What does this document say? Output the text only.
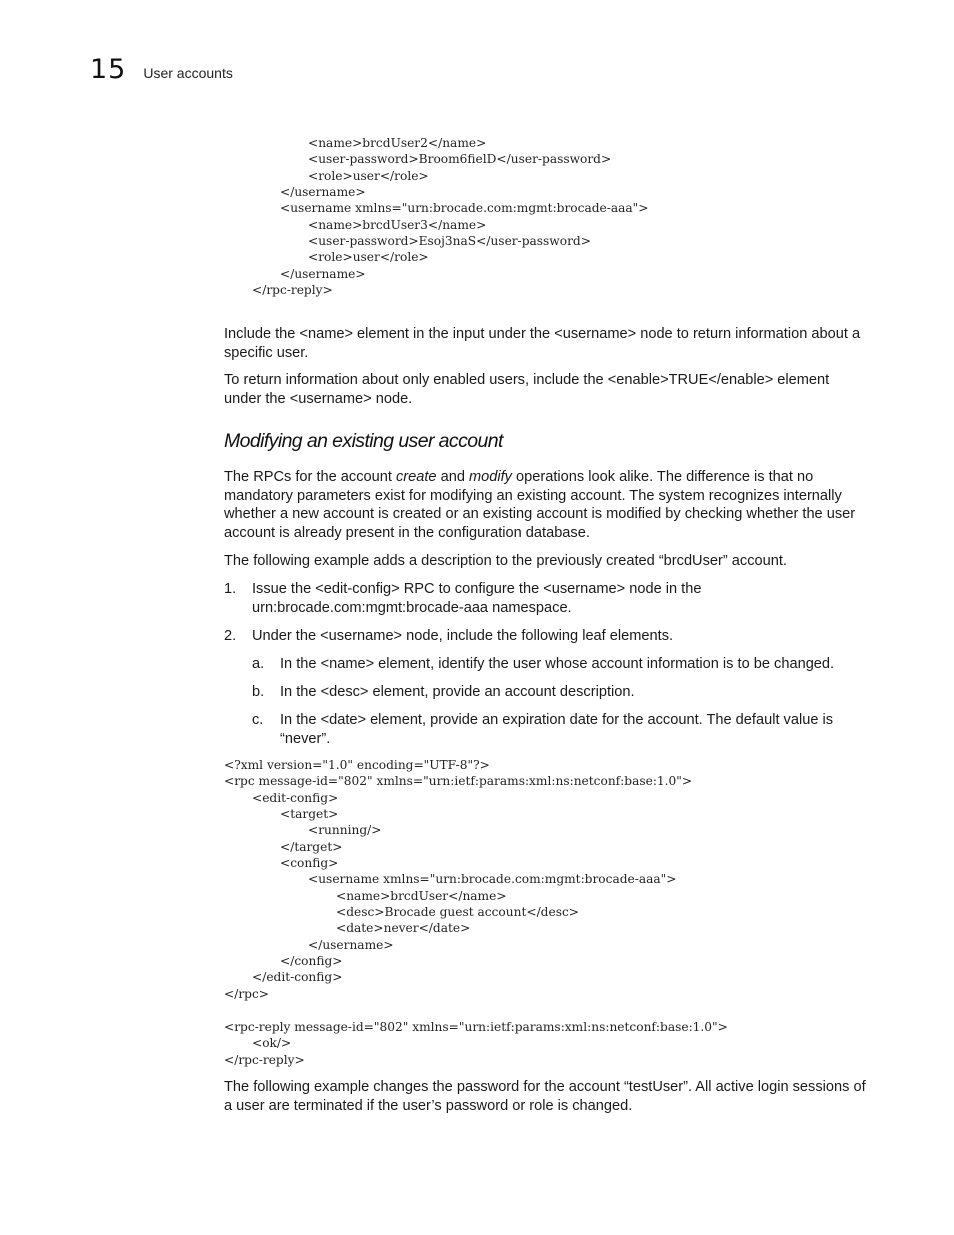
15 User accounts
<name>brcdUser2</name>
<user-password>Broom6fielD</user-password>
<role>user</role>
</username>
<username xmlns="urn:brocade.com:mgmt:brocade-aaa">
<name>brcdUser3</name>
<user-password>Esoj3naS</user-password>
<role>user</role>
</username>
</rpc-reply>

Include the <name> element in the input under the <username> node to return information about a specific user.

To return information about only enabled users, include the <enable>TRUE</enable> element under the <username> node.

Modifying an existing user account

The RPCs for the account create and modify operations look alike. The difference is that no mandatory parameters exist for modifying an existing account. The system recognizes internally whether a new account is created or an existing account is modified by checking whether the user account is already present in the configuration database.

The following example adds a description to the previously created “brcdUser” account.

1. Issue the <edit-config> RPC to configure the <username> node in the urn:brocade.com:mgmt:brocade-aaa namespace.
2. Under the <username> node, include the following leaf elements.
a. In the <name> element, identify the user whose account information is to be changed.
b. In the <desc> element, provide an account description.
c. In the <date> element, provide an expiration date for the account. The default value is “never”.
<?xml version="1.0" encoding="UTF-8"?>
<rpc message-id="802" xmlns="urn:ietf:params:xml:ns:netconf:base:1.0">
<edit-config>
<target>
<running/>
</target>
<config>
<username xmlns="urn:brocade.com:mgmt:brocade-aaa">
<name>brcdUser</name>
<desc>Brocade guest account</desc>
<date>never</date>
</username>
</config>
</edit-config>
</rpc>
<rpc-reply message-id="802" xmlns="urn:ietf:params:xml:ns:netconf:base:1.0">
<ok/>
</rpc-reply>

The following example changes the password for the account “testUser”. All active login sessions of a user are terminated if the user’s password or role is changed.
